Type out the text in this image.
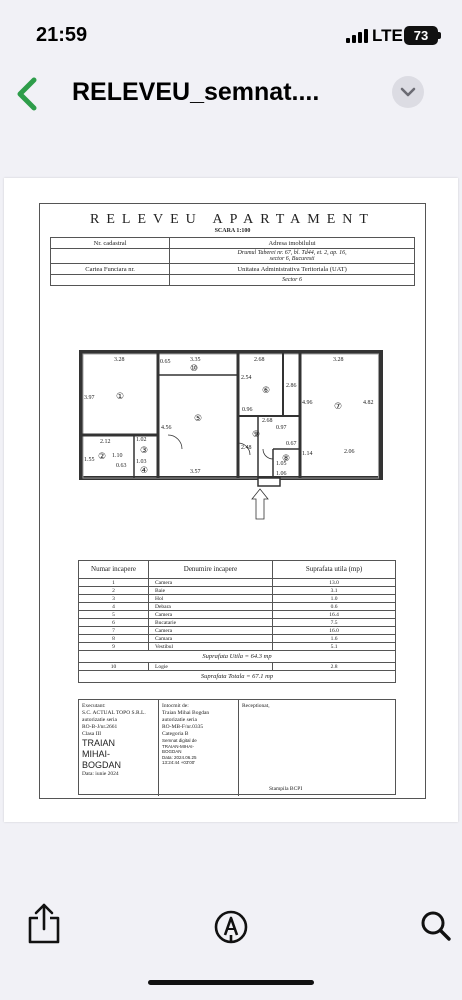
21:59	LTE 73
RELEVEU_semnat....
RELEVEU APARTAMENT
SCARA 1:100
Nr. cadastral	Adresa imobilului
	Drumul Taberei nr. 67, bl. Td44, et. 2, ap. 16,
sector 6, Bucuresti
Cartea Funciara nr.	Unitatea Administrativa Teritoriala (UAT)
	Sector 6
3.28	3.35	2.68	3.28
0.65
3.97
4.56
2.54
2.86
4.96	4.82
2.12	1.02
1.55
0.63
1.03
3.57
2.48
2.68
0.96
0.97
2.06
1.14
1.05
0.67
1.06
1.10
①
②
③
④
⑤
⑥
⑦
⑧
⑨
⑩
Numar incapere	Denumire incapere	Suprafata utila (mp)
1	Camera	13.0
2	Baie	3.1
3	Hol	1.0
4	Debara	0.6
5	Camera	16.4
6	Bucatarie	7.5
7	Camera	16.0
8	Camara	1.6
9	Vestibul	5.1
Suprafata Utila = 64.3 mp		
10	Logie	2.8
Suprafata Totala = 67.1 mp		
Executant:
S.C. ACTUAL TOPO S.R.L.
autorizatie seria
RO-B-J/nr.2661
Clasa III
TRAIAN
MIHAI-
BOGDAN
Data: iunie 2024
Intocmit de:
Traian Mihai Bogdan
autorizatie seria
RO-MB-F/nr.0335
Categoria B
Semnat digital de
TRAIAN-MIHAI-
BOGDAN
Data: 2024.06.25
13:24:44 +03'00'
Receptionat,
Stampila BCPI
